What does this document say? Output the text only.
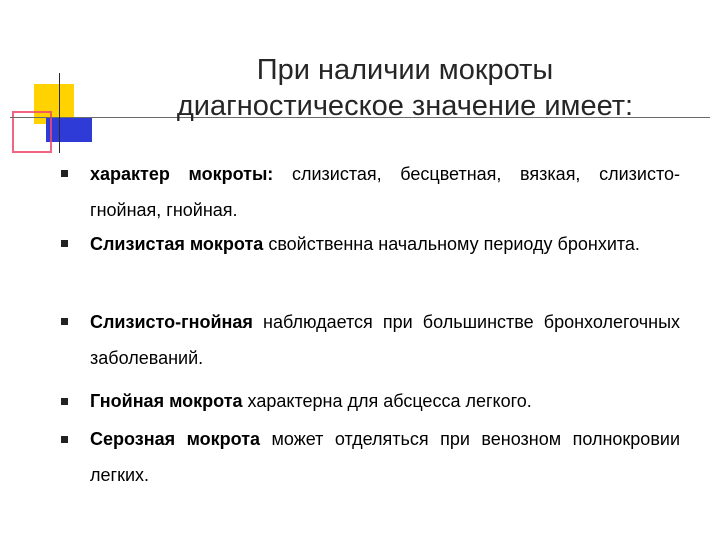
При наличии мокроты
диагностическое значение имеет:

характер мокроты: слизистая, бесцветная, вязкая, слизисто-гнойная, гнойная.

Слизистая мокрота свойственна начальному периоду бронхита.

Слизисто-гнойная наблюдается при большинстве бронхолегочных заболеваний.

Гнойная мокрота характерна для абсцесса легкого.

Серозная мокрота может отделяться при венозном полнокровии легких.
